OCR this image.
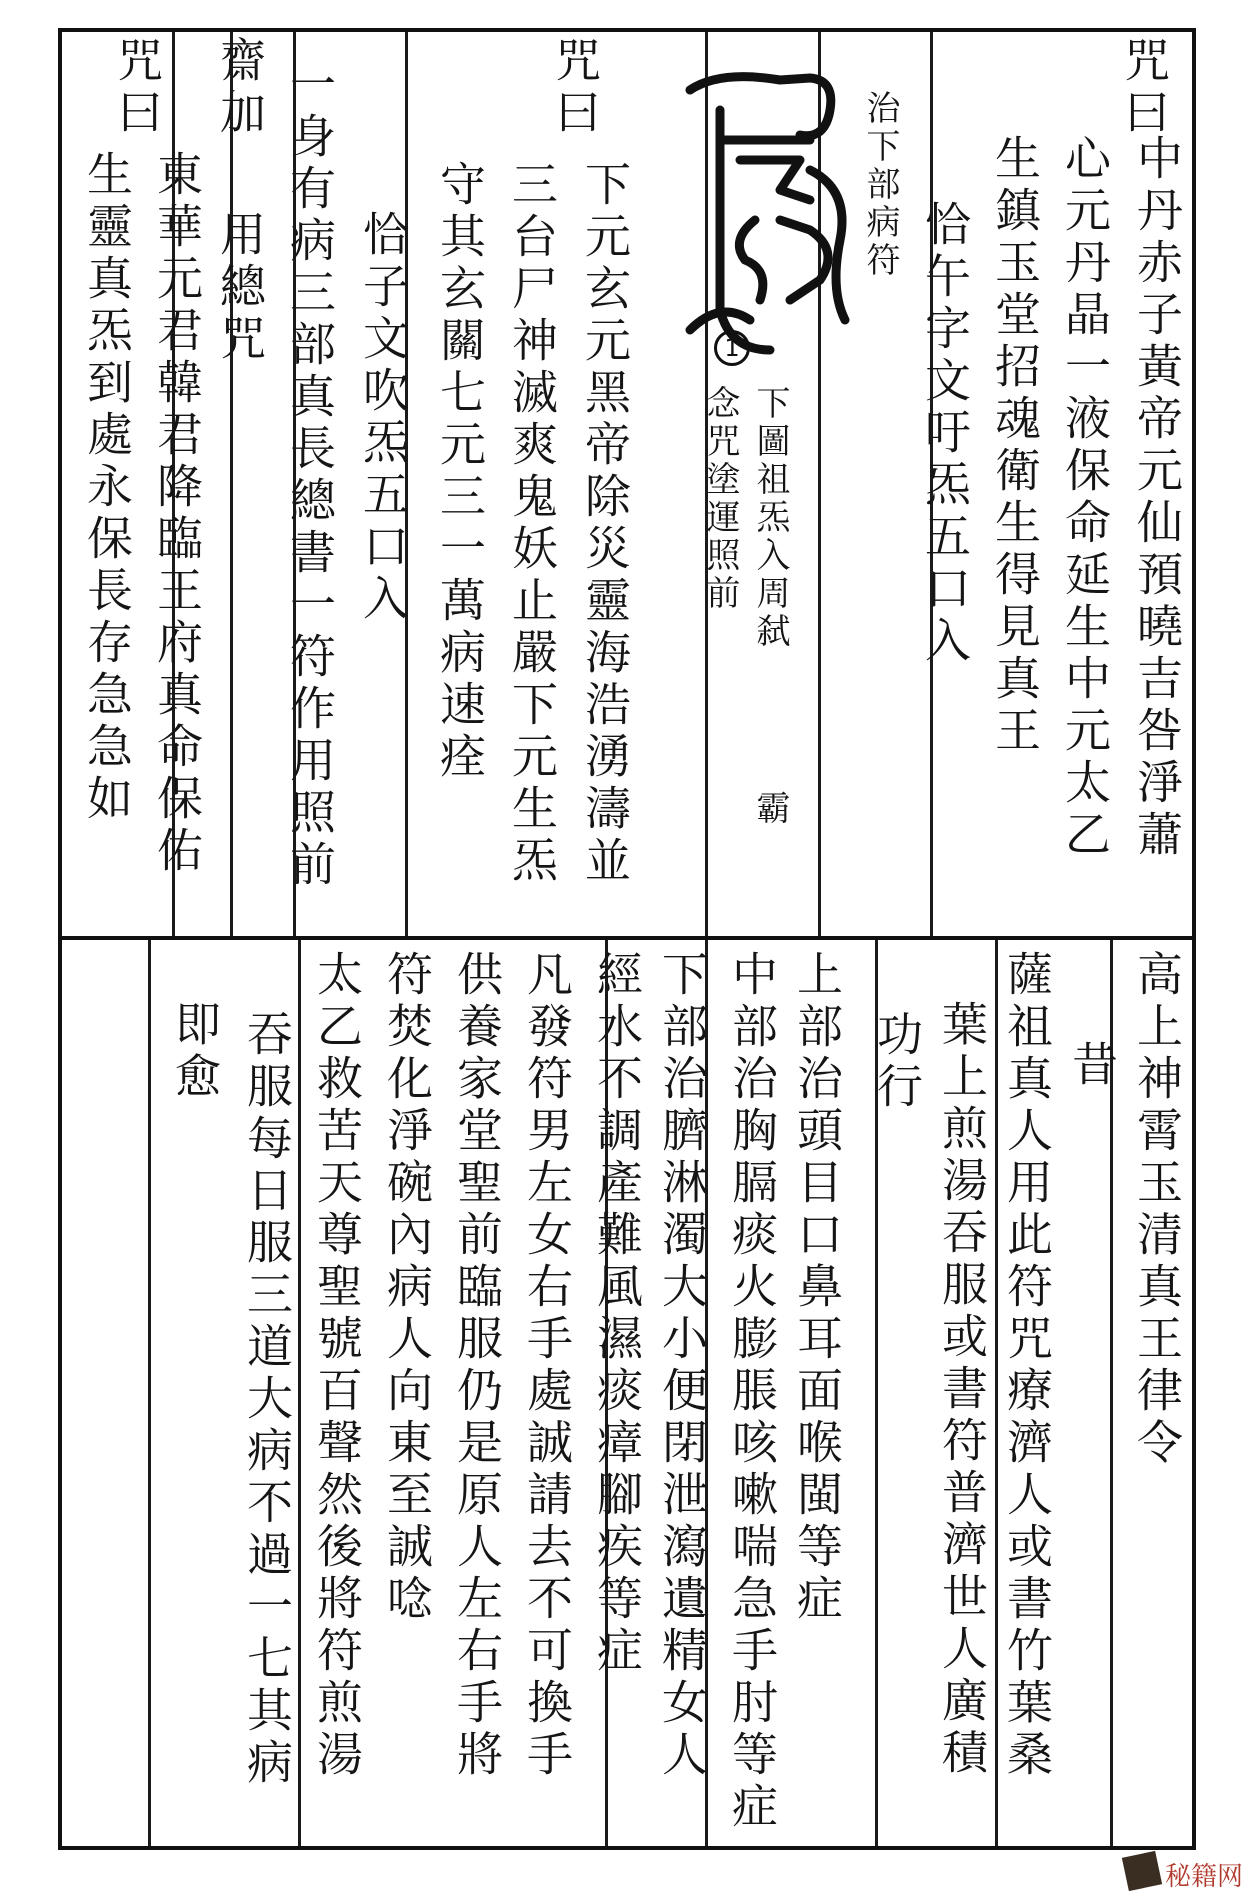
咒曰
中丹赤子黃帝元仙預曉吉咎淨蕭
心元丹晶一液保命延生中元太乙
生鎮玉堂招魂衛生得見真王
恰午字文吁炁五口入
治下部病符
1
下圖祖炁入周弑
霸
念咒塗運照前
咒曰
下元玄元黑帝除災靈海浩湧濤並
三台尸神滅爽鬼妖止嚴下元生炁
守其玄關七元三一萬病速痊
恰子文吹炁五口入
一身有病三部真長總書一符作用照前
齋加
用總咒
東華元君韓君降臨王府真命保佑
咒曰
生靈真炁到處永保長存急急如
高上神霄玉清真王律令
昔
薩祖真人用此符咒療濟人或書竹葉桑
葉上煎湯吞服或書符普濟世人廣積
功行
上部治頭目口鼻耳面喉閩等症
中部治胸膈痰火膨脹咳嗽喘急手肘等症
下部治臍淋濁大小便閉泄瀉遺精女人
經水不調產難風濕痰瘴腳疾等症
凡發符男左女右手處誠請去不可換手
供養家堂聖前臨服仍是原人左右手將
符焚化淨碗內病人向東至誠唸
太乙救苦天尊聖號百聲然後將符煎湯
吞服每日服三道大病不過一七其病
即愈
秘籍网
